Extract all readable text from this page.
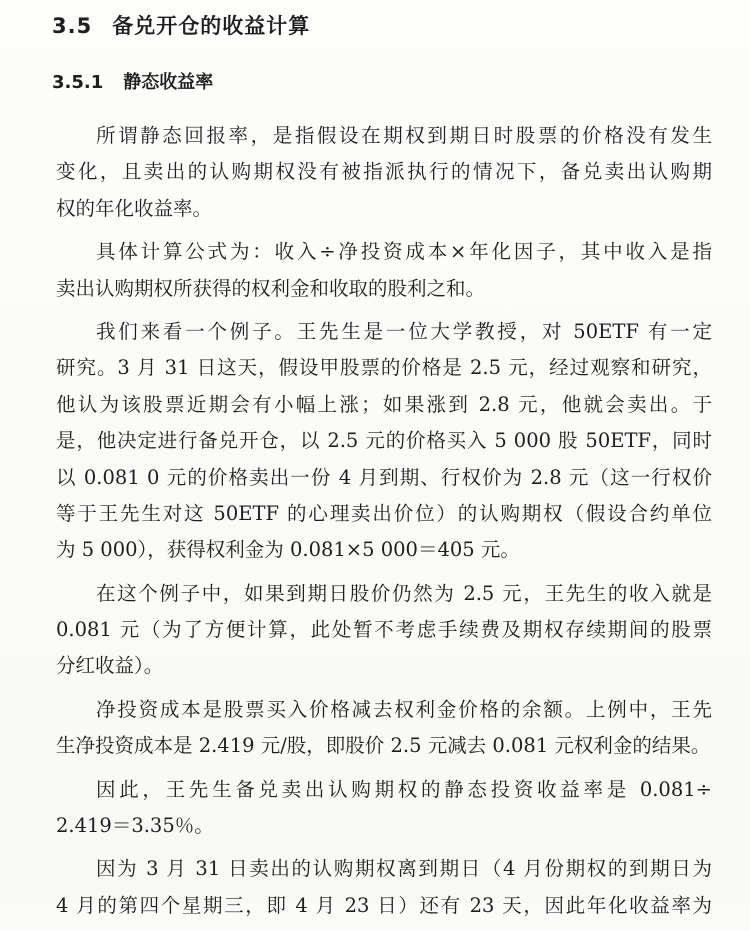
3.5 备兑开仓的收益计算
3.5.1 静态收益率
所谓静态回报率，是指假设在期权到期日时股票的价格没有发生
变化，且卖出的认购期权没有被指派执行的情况下，备兑卖出认购期
权的年化收益率。
具体计算公式为：收入÷净投资成本×年化因子，其中收入是指
卖出认购期权所获得的权利金和收取的股利之和。
我们来看一个例子。王先生是一位大学教授，对 50ETF 有一定
研究。3 月 31 日这天，假设甲股票的价格是 2.5 元，经过观察和研究，
他认为该股票近期会有小幅上涨；如果涨到 2.8 元，他就会卖出。于
是，他决定进行备兑开仓，以 2.5 元的价格买入 5 000 股 50ETF，同时
以 0.081 0 元的价格卖出一份 4 月到期、行权价为 2.8 元（这一行权价
等于王先生对这 50ETF 的心理卖出价位）的认购期权（假设合约单位
为 5 000），获得权利金为 0.081×5 000＝405 元。
在这个例子中，如果到期日股价仍然为 2.5 元，王先生的收入就是
0.081 元（为了方便计算，此处暂不考虑手续费及期权存续期间的股票
分红收益）。
净投资成本是股票买入价格减去权利金价格的余额。上例中，王先
生净投资成本是 2.419 元/股，即股价 2.5 元减去 0.081 元权利金的结果。
因此，王先生备兑卖出认购期权的静态投资收益率是 0.081÷
2.419＝3.35％。
因为 3 月 31 日卖出的认购期权离到期日（4 月份期权的到期日为
4 月的第四个星期三，即 4 月 23 日）还有 23 天，因此年化收益率为
